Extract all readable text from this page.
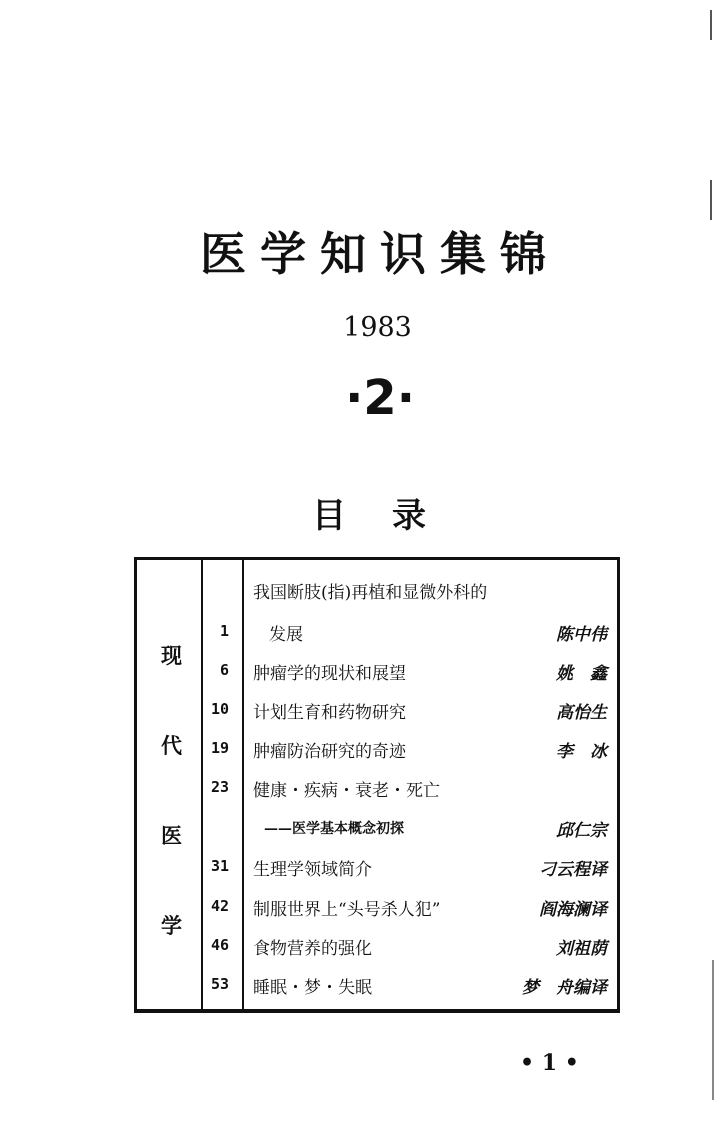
医学知识集锦
1983
·2·
目录
现
代
医
学
我国断肢(指)再植和显微外科的
1 发展	陈中伟
6 肿瘤学的现状和展望	姚　鑫
10 计划生育和药物研究	高怡生
19 肿瘤防治研究的奇迹	李　冰
23 健康・疾病・衰老・死亡
——医学基本概念初探	邱仁宗
31 生理学领域简介	刁云程译
42 制服世界上“头号杀人犯”	阎海澜译
46 食物营养的强化	刘祖荫
53 睡眠・梦・失眠	梦　舟编译
• 1 •
